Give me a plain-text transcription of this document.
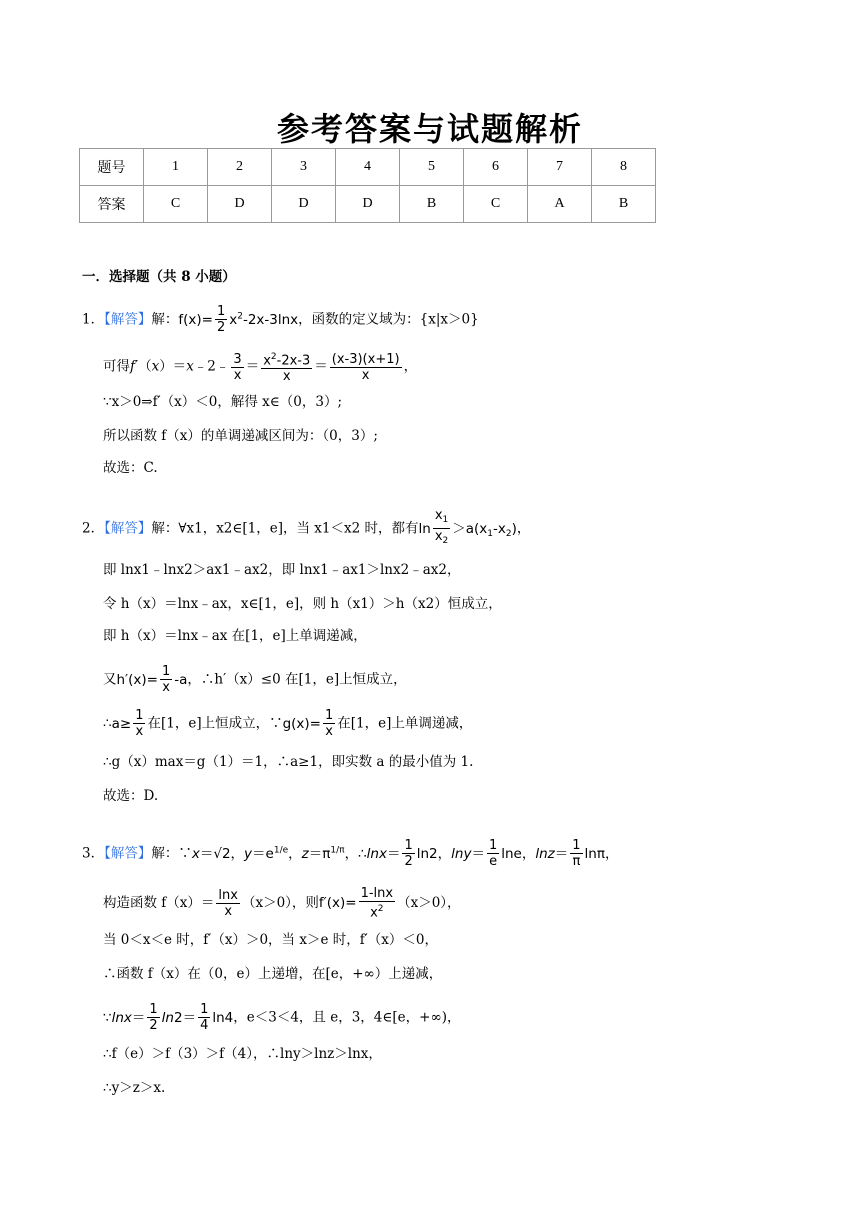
参考答案与试题解析
题号	1	2	3	4	5	6	7	8
答案	C	D	D	D	B	C	A	B
一．选择题（共 8 小题）
1．【解答】解：$f(x)= \frac{1}{2} x^2-2x-3\ln x$，函数的定义域为：{x|x＞0}
可得f′（x）＝x﹣2﹣ $\frac{3}{x} = \frac{x^2-2x-3}{x} = \frac{(x-3)(x+1)}{x}$ ，
∵x＞0⇒f′（x）＜0，解得 x∈（0，3）;
所以函数 f（x）的单调递减区间为：（0，3）;
故选：C.
2．【解答】解：∀x1，x2∈[1，e]，当 x1＜x2 时，都有$\ln \frac{x_1}{x_2} >a(x_1-x_2)$，
即 lnx1﹣lnx2＞ax1﹣ax2，即 lnx1﹣ax1＞lnx2﹣ax2，
令 h（x）＝lnx﹣ax，x∈[1，e]，则 h（x1）＞h（x2）恒成立，
即 h（x）＝lnx﹣ax 在[1，e]上单调递减，
又$h'(x)= \frac{1}{x} -a$，∴h′（x）≤0 在[1，e]上恒成立，
∴a≥ $\frac{1}{x}$ 在[1，e]上恒成立，∵g(x)= $\frac{1}{x}$ 在[1，e]上单调递减，
∴g（x）max＝g（1）＝1，∴a≥1，即实数 a 的最小值为 1.
故选：D.
3．【解答】解：∵x＝√2，$y=e^{1/e}$，$z=\pi^{1/\pi}$，∴lnx＝ $\frac{1}{2} \ln 2$，$\ln y= \frac{1}{e}$ lne，$\ln z= \frac{1}{\pi}$ lnπ，
构造函数 $f(x)= \frac{\ln x}{x} (x>0)$，则$f'(x)= \frac{1-\ln x}{x^2} (x>0)$，
当 0＜x＜e 时，f′（x）＞0，当 x＞e 时，f′（x）＜0，
∴函数 f（x）在（0，e）上递增，在[e，+∞）上递减，
∵lnx＝ $\frac{1}{2} \ln 2= \frac{1}{4} \ln 4$，e＜3＜4，且 e，3，4∈[e，+∞)，
∴f（e）＞f（3）＞f（4），∴lny＞lnz＞lnx，
∴y＞z＞x.
